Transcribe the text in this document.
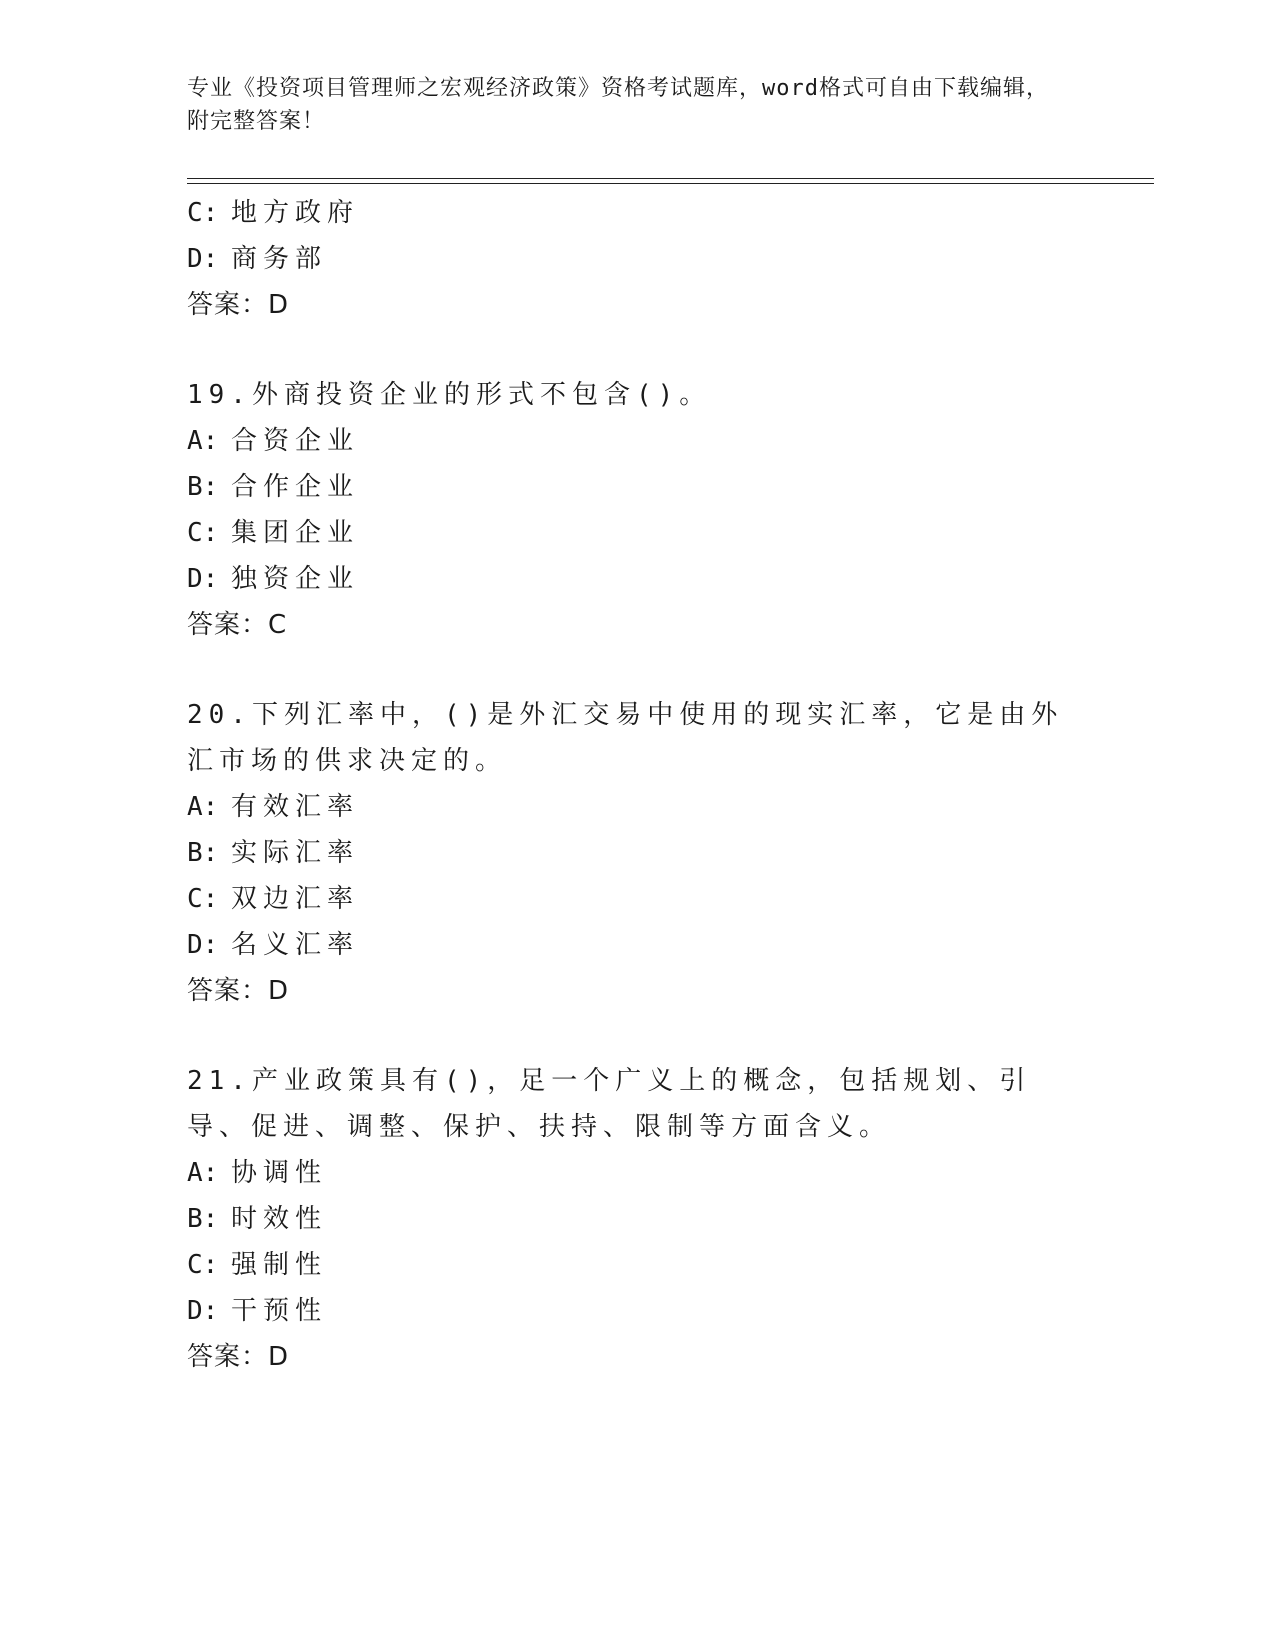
专业《投资项目管理师之宏观经济政策》资格考试题库，word格式可自由下载编辑，附完整答案！
C: 地方政府
D: 商务部
答案：D
19.外商投资企业的形式不包含()。
A: 合资企业
B: 合作企业
C: 集团企业
D: 独资企业
答案：C
20.下列汇率中，()是外汇交易中使用的现实汇率，它是由外汇市场的供求决定的。
A: 有效汇率
B: 实际汇率
C: 双边汇率
D: 名义汇率
答案：D
21.产业政策具有()，足一个广义上的概念，包括规划、引导、促进、调整、保护、扶持、限制等方面含义。
A: 协调性
B: 时效性
C: 强制性
D: 干预性
答案：D
